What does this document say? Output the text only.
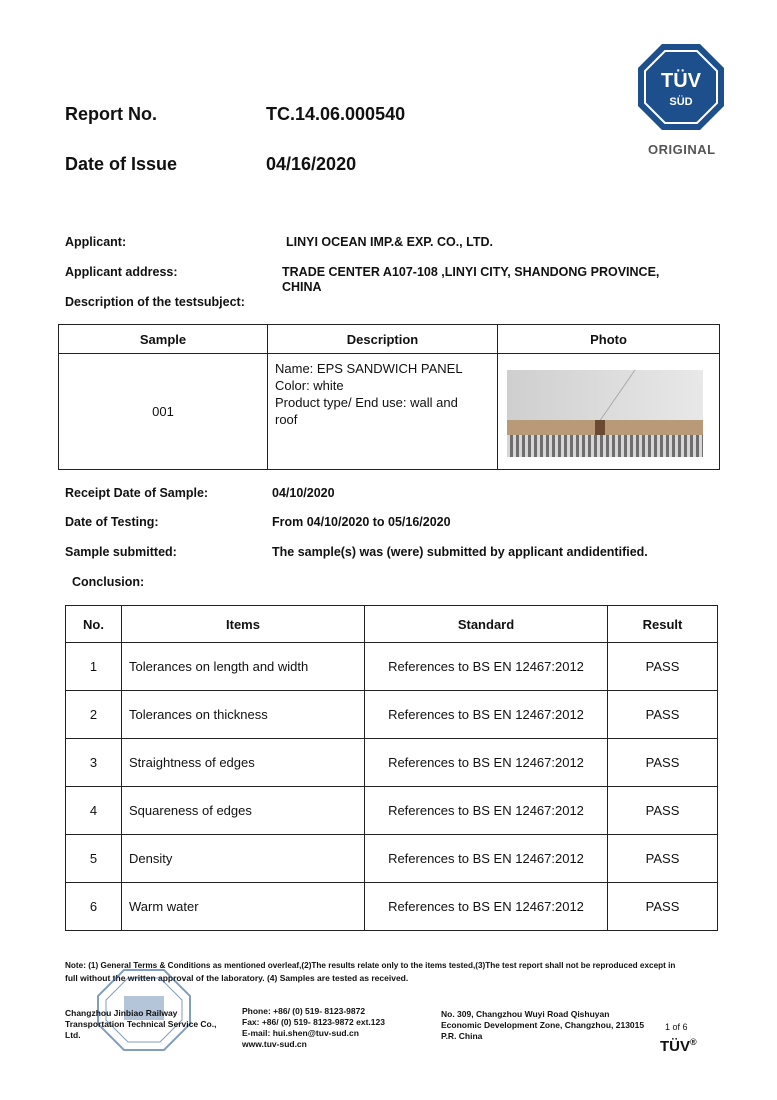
TÜV
SÜD
ORIGINAL
Report No.	TC.14.06.000540
Date of Issue	04/16/2020
Applicant:	LINYI OCEAN IMP.& EXP. CO., LTD.
Applicant address:	TRADE CENTER A107-108 ,LINYI CITY, SHANDONG PROVINCE,
CHINA
Description of the testsubject:
Sample	Description	Photo
001	Name: EPS SANDWICH PANEL
Color: white
Product type/ End use: wall and
roof

Receipt Date of Sample:	04/10/2020
Date of Testing:	From 04/10/2020 to 05/16/2020
Sample submitted:	The sample(s) was (were) submitted by applicant andidentified.
Conclusion:
No.	Items	Standard	Result
1	Tolerances on length and width	References to BS EN 12467:2012	PASS
2	Tolerances on thickness	References to BS EN 12467:2012	PASS
3	Straightness of edges	References to BS EN 12467:2012	PASS
4	Squareness of edges	References to BS EN 12467:2012	PASS
5	Density	References to BS EN 12467:2012	PASS
6	Warm water	References to BS EN 12467:2012	PASS
Note: (1) General Terms & Conditions as mentioned overleaf,(2)The results relate only to the items tested,(3)The test report shall not be reproduced except in
full without the written approval of the laboratory. (4) Samples are tested as received.
Changzhou Jinbiao Railway
Transportation Technical Service Co.,
Ltd.
Phone: +86/ (0) 519- 8123-9872
Fax: +86/ (0) 519- 8123-9872 ext.123
E-mail: hui.shen@tuv-sud.cn
www.tuv-sud.cn
No. 309, Changzhou Wuyi Road Qishuyan
Economic Development Zone, Changzhou, 213015
P.R. China
1 of 6
TÜV®
